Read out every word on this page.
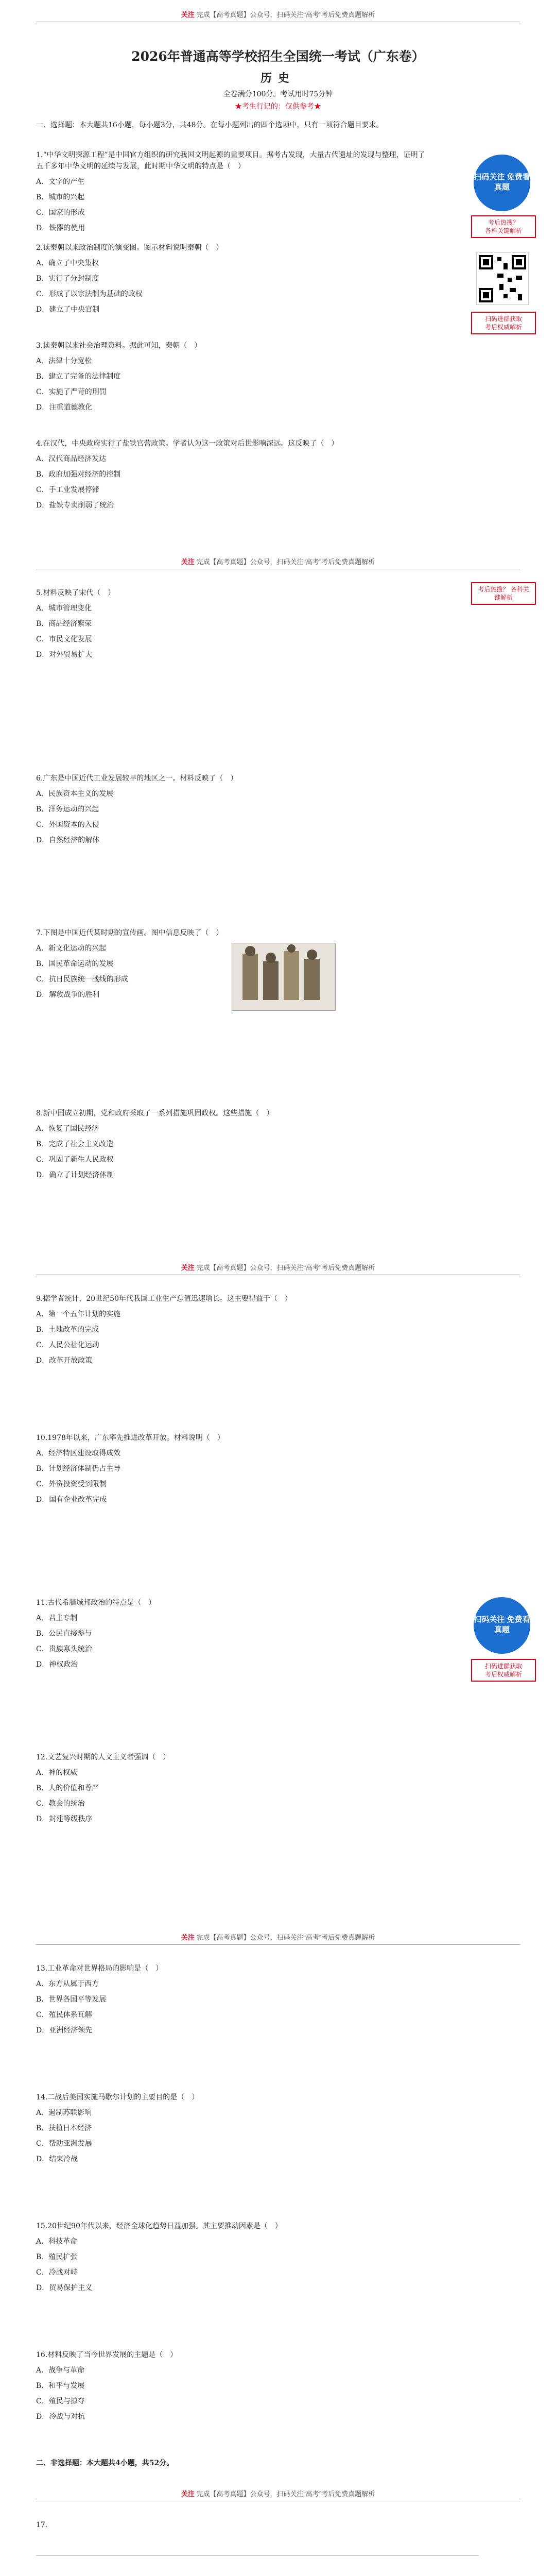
关注 完成【高考真题】公众号，扫码关注“高考”考后免费真题解析
2026年普通高等学校招生全国统一考试（广东卷）
历史
全卷满分100分。考试用时75分钟
★考生行记的：仅供参考★
一、选择题：本大题共16小题，每小题3分，共48分。在每小题列出的四个选项中，只有一项符合题目要求。
扫码关注 免费看真题
考后热搜？
各科关键解析
扫码进群获取
考后权威解析

1.“中华文明探源工程”是中国官方组织的研究我国文明起源的重要项目。据考古发现，大量古代遗址的发现与整理，证明了五千多年中华文明的延续与发展，此时期中华文明的特点是（　）

A．文字的产生

B．城市的兴起

C．国家的形成

D．铁器的使用

2.读秦朝以来政治制度的演变图。图示材料说明秦朝（　）

A．确立了中央集权

B．实行了分封制度

C．形成了以宗法制为基础的政权

D．建立了中央官制

3.读秦朝以来社会治理资料。据此可知，秦朝（　）

A．法律十分宽松

B．建立了完备的法律制度

C．实施了严苛的刑罚

D．注重道德教化

4.在汉代，中央政府实行了盐铁官营政策。学者认为这一政策对后世影响深远。这反映了（　）

A．汉代商品经济发达

B．政府加强对经济的控制

C．手工业发展停滞

D．盐铁专卖削弱了统治

关注 完成【高考真题】公众号，扫码关注“高考”考后免费真题解析

5.材料反映了宋代（　）

A．城市管理变化

B．商品经济繁荣

C．市民文化发展

D．对外贸易扩大

考后热搜？ 各科关键解析

6.广东是中国近代工业发展较早的地区之一。材料反映了（　）

A．民族资本主义的发展

B．洋务运动的兴起

C．外国资本的入侵

D．自然经济的解体

7.下图是中国近代某时期的宣传画。图中信息反映了（　）

A．新文化运动的兴起

B．国民革命运动的发展

C．抗日民族统一战线的形成

D．解放战争的胜利

8.新中国成立初期，党和政府采取了一系列措施巩固政权。这些措施（　）

A．恢复了国民经济

B．完成了社会主义改造

C．巩固了新生人民政权

D．确立了计划经济体制

关注 完成【高考真题】公众号，扫码关注“高考”考后免费真题解析

9.据学者统计，20世纪50年代我国工业生产总值迅速增长。这主要得益于（　）

A．第一个五年计划的实施

B．土地改革的完成

C．人民公社化运动

D．改革开放政策

10.1978年以来，广东率先推进改革开放。材料说明（　）

A．经济特区建设取得成效

B．计划经济体制仍占主导

C．外资投资受到限制

D．国有企业改革完成

11.古代希腊城邦政治的特点是（　）

A．君主专制

B．公民直接参与

C．贵族寡头统治

D．神权政治

扫码关注 免费看真题
扫码进群获取
考后权威解析

12.文艺复兴时期的人文主义者强调（　）

A．神的权威

B．人的价值和尊严

C．教会的统治

D．封建等级秩序

关注 完成【高考真题】公众号，扫码关注“高考”考后免费真题解析

13.工业革命对世界格局的影响是（　）

A．东方从属于西方

B．世界各国平等发展

C．殖民体系瓦解

D．亚洲经济领先

14.二战后美国实施马歇尔计划的主要目的是（　）

A．遏制苏联影响

B．扶植日本经济

C．帮助亚洲发展

D．结束冷战

15.20世纪90年代以来，经济全球化趋势日益加强。其主要推动因素是（　）

A．科技革命

B．殖民扩张

C．冷战对峙

D．贸易保护主义

16.材料反映了当今世界发展的主题是（　）

A．战争与革命

B．和平与发展

C．殖民与掠夺

D．冷战与对抗

二、非选择题：本大题共4小题，共52分。
关注 完成【高考真题】公众号，扫码关注“高考”考后免费真题解析

17.
